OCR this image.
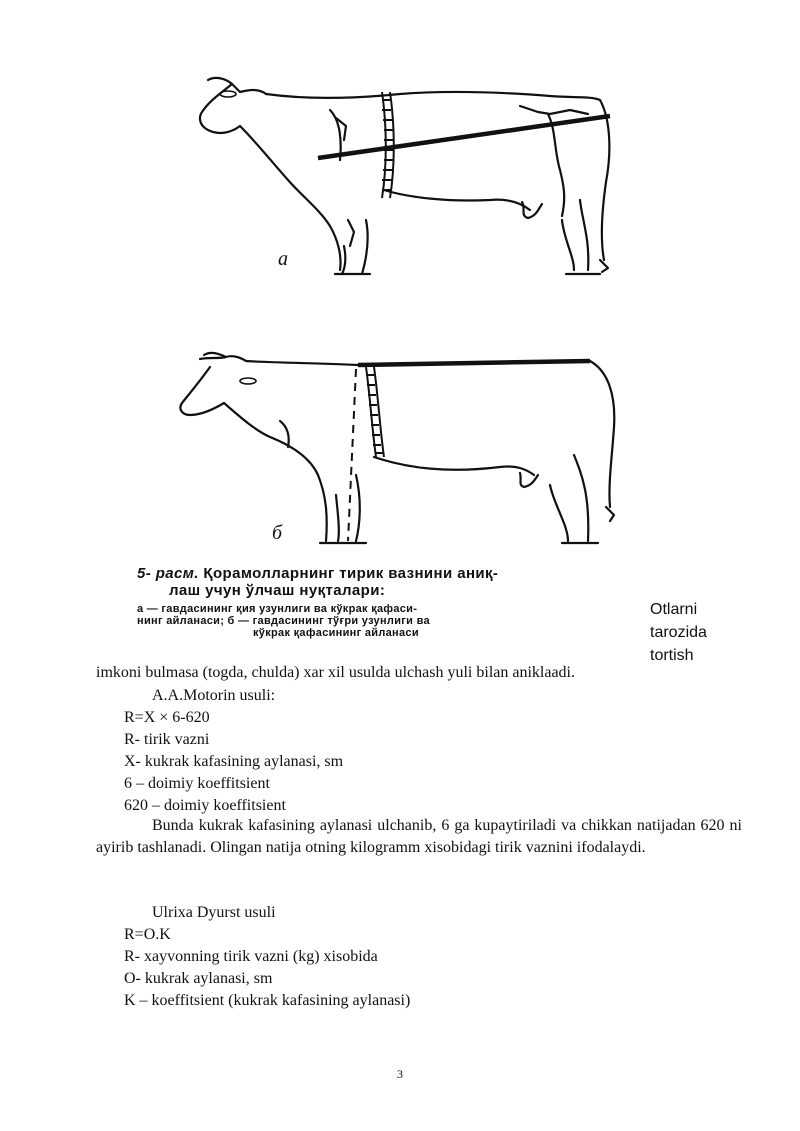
а
б

5- расм. Қорамолларнинг тирик вазнини аниқ-

лаш учун ўлчаш нуқталари:

а — гавдасининг қия узунлиги ва кўкрак қафаси-
нинг айланаси; б — гавдасининг тўғри узунлиги ва
кўкрак қафасининг айланаси

Otlarni
tarozida
tortish
imkoni bulmasa (togda, chulda) xar xil usulda ulchash yuli bilan aniklaadi.
A.A.Motorin usuli:
R=X × 6-620
R- tirik vazni
X- kukrak kafasining aylanasi, sm
6 – doimiy koeffitsient
620 – doimiy koeffitsient
Bunda kukrak kafasining aylanasi ulchanib, 6 ga kupaytiriladi va chikkan natijadan 620 ni ayirib tashlanadi. Olingan natija otning kilogramm xisobidagi tirik vaznini ifodalaydi.
Ulrixa Dyurst usuli
R=O.K
R- xayvonning tirik vazni (kg) xisobida
O- kukrak aylanasi, sm
K – koeffitsient (kukrak kafasining aylanasi)
3
